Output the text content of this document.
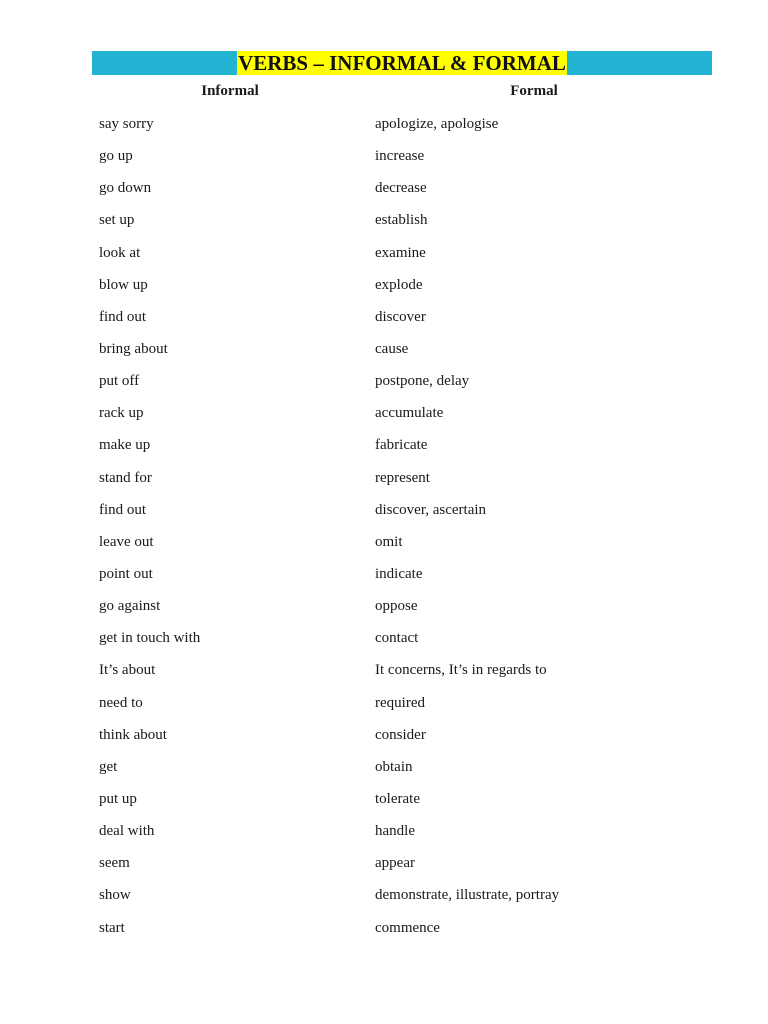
VERBS – INFORMAL & FORMAL
Informal	Formal
say sorry	apologize, apologise
go up	increase
go down	decrease
set up	establish
look at	examine
blow up	explode
find out	discover
bring about	cause
put off	postpone, delay
rack up	accumulate
make up	fabricate
stand for	represent
find out	discover, ascertain
leave out	omit
point out	indicate
go against	oppose
get in touch with	contact
It’s about	It concerns, It’s in regards to
need to	required
think about	consider
get	obtain
put up	tolerate
deal with	handle
seem	appear
show	demonstrate, illustrate, portray
start	commence
